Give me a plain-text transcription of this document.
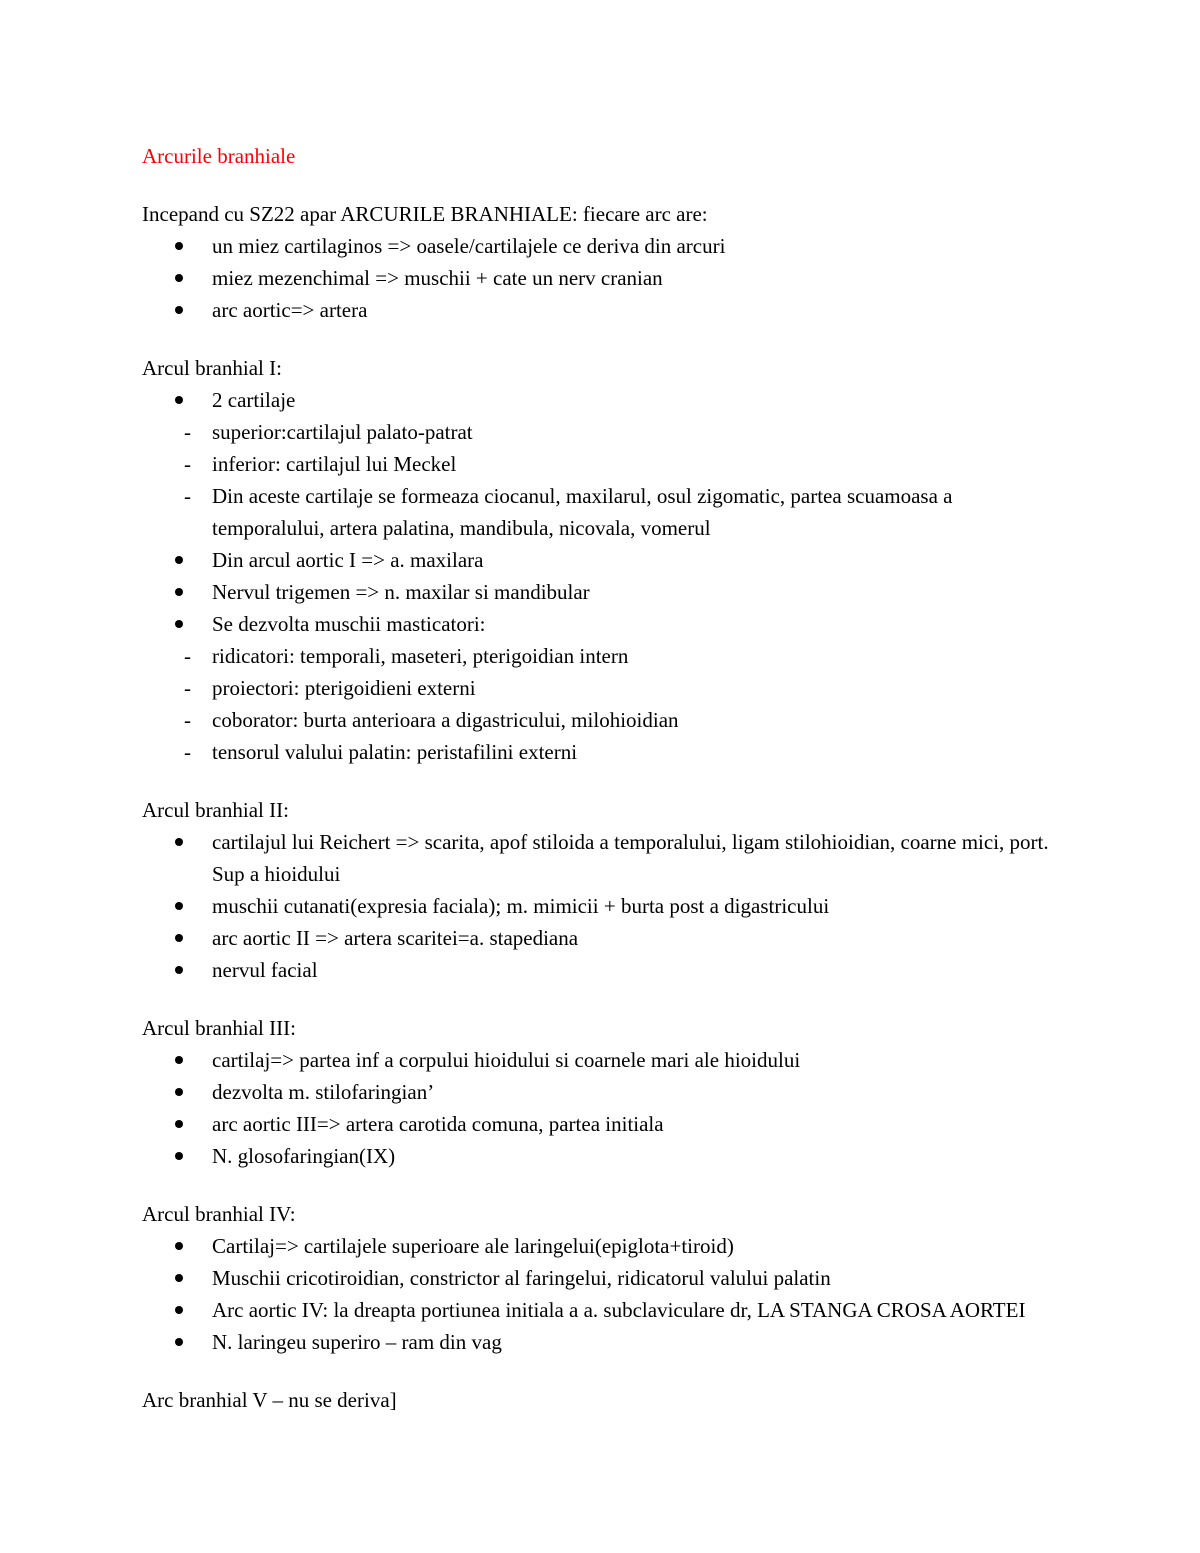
Arcurile branhiale
Incepand cu SZ22 apar ARCURILE BRANHIALE: fiecare arc are:
un miez cartilaginos => oasele/cartilajele ce deriva din arcuri
miez mezenchimal => muschii + cate un nerv cranian
arc aortic=> artera
Arcul branhial I:
2 cartilaje
- superior:cartilajul palato-patrat
- inferior: cartilajul lui Meckel
- Din aceste cartilaje se formeaza ciocanul, maxilarul, osul zigomatic, partea scuamoasa a temporalului, artera palatina, mandibula, nicovala, vomerul
Din arcul aortic I => a. maxilara
Nervul trigemen => n. maxilar si mandibular
Se dezvolta muschii masticatori:
- ridicatori: temporali, maseteri, pterigoidian intern
- proiectori: pterigoidieni externi
- coborator: burta anterioara a digastricului, milohioidian
- tensorul valului palatin: peristafilini externi
Arcul branhial II:
cartilajul lui Reichert => scarita, apof stiloida a temporalului, ligam stilohioidian, coarne mici, port. Sup a hioidului
muschii cutanati(expresia faciala); m. mimicii + burta post a digastricului
arc aortic II => artera scaritei=a. stapediana
nervul facial
Arcul branhial III:
cartilaj=> partea inf a corpului hioidului si coarnele mari ale hioidului
dezvolta m. stilofaringian’
arc aortic III=> artera carotida comuna, partea initiala
N. glosofaringian(IX)
Arcul branhial IV:
Cartilaj=> cartilajele superioare ale laringelui(epiglota+tiroid)
Muschii cricotiroidian, constrictor al faringelui, ridicatorul valului palatin
Arc aortic IV: la dreapta portiunea initiala a a. subclaviculare dr, LA STANGA CROSA AORTEI
N. laringeu superiro – ram din vag
Arc branhial V – nu se deriva]
